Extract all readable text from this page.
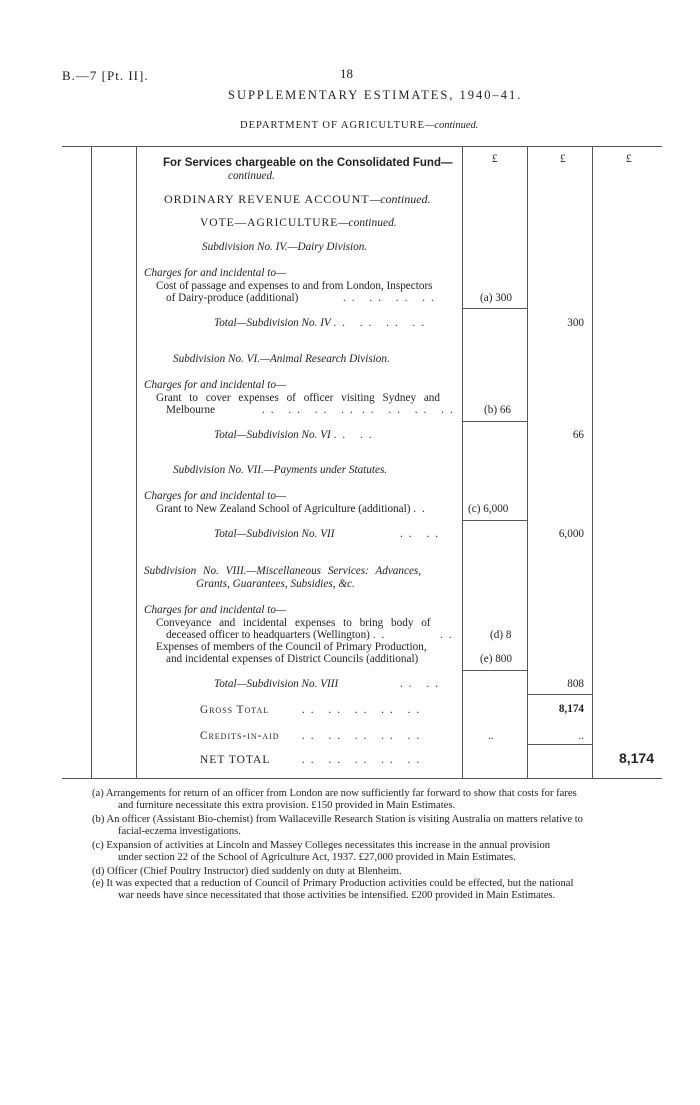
B.—7 [Pt. II].	18
SUPPLEMENTARY ESTIMATES, 1940–41.
DEPARTMENT OF AGRICULTURE—continued.
£	£	£
For Services chargeable on the Consolidated Fund—
continued.
ORDINARY REVENUE ACCOUNT—continued.
VOTE—AGRICULTURE—continued.
Subdivision No. IV.—Dairy Division.
Charges for and incidental to—
Cost of passage and expenses to and from London, Inspectors
of Dairy-produce (additional)	.. .. .. ..	(a) 300
Total—Subdivision No. IV .. .. .. ..	300
Subdivision No. VI.—Animal Research Division.
Charges for and incidental to—
Grant to cover expenses of officer visiting Sydney and
Melbourne	.. .. .. .. .. .. .. .. (b) 66
Total—Subdivision No. VI .. ..	66
Subdivision No. VII.—Payments under Statutes.
Charges for and incidental to—
Grant to New Zealand School of Agriculture (additional) ..	(c) 6,000
Total—Subdivision No. VII	.. ..	6,000
Subdivision No. VIII.—Miscellaneous Services: Advances,
Grants, Guarantees, Subsidies, &c.
Charges for and incidental to—
Conveyance and incidental expenses to bring body of
deceased officer to headquarters (Wellington) ..	..	(d) 8
Expenses of members of the Council of Primary Production,
and incidental expenses of District Councils (additional)	(e) 800
Total—Subdivision No. VIII	.. ..	808
Gross Total	.. .. .. .. ..	8,174
Credits-in-aid .. .. .. .. ..	..	..
NET TOTAL	.. .. .. .. ..	8,174
(a) Arrangements for return of an officer from London are now sufficiently far forward to show that costs for fares
and furniture necessitate this extra provision. £150 provided in Main Estimates.
(b) An officer (Assistant Bio-chemist) from Wallaceville Research Station is visiting Australia on matters relative to
facial-eczema investigations.
(c) Expansion of activities at Lincoln and Massey Colleges necessitates this increase in the annual provision
under section 22 of the School of Agriculture Act, 1937. £27,000 provided in Main Estimates.
(d) Officer (Chief Poultry Instructor) died suddenly on duty at Blenheim.
(e) It was expected that a reduction of Council of Primary Production activities could be effected, but the national
war needs have since necessitated that those activities be intensified. £200 provided in Main Estimates.
